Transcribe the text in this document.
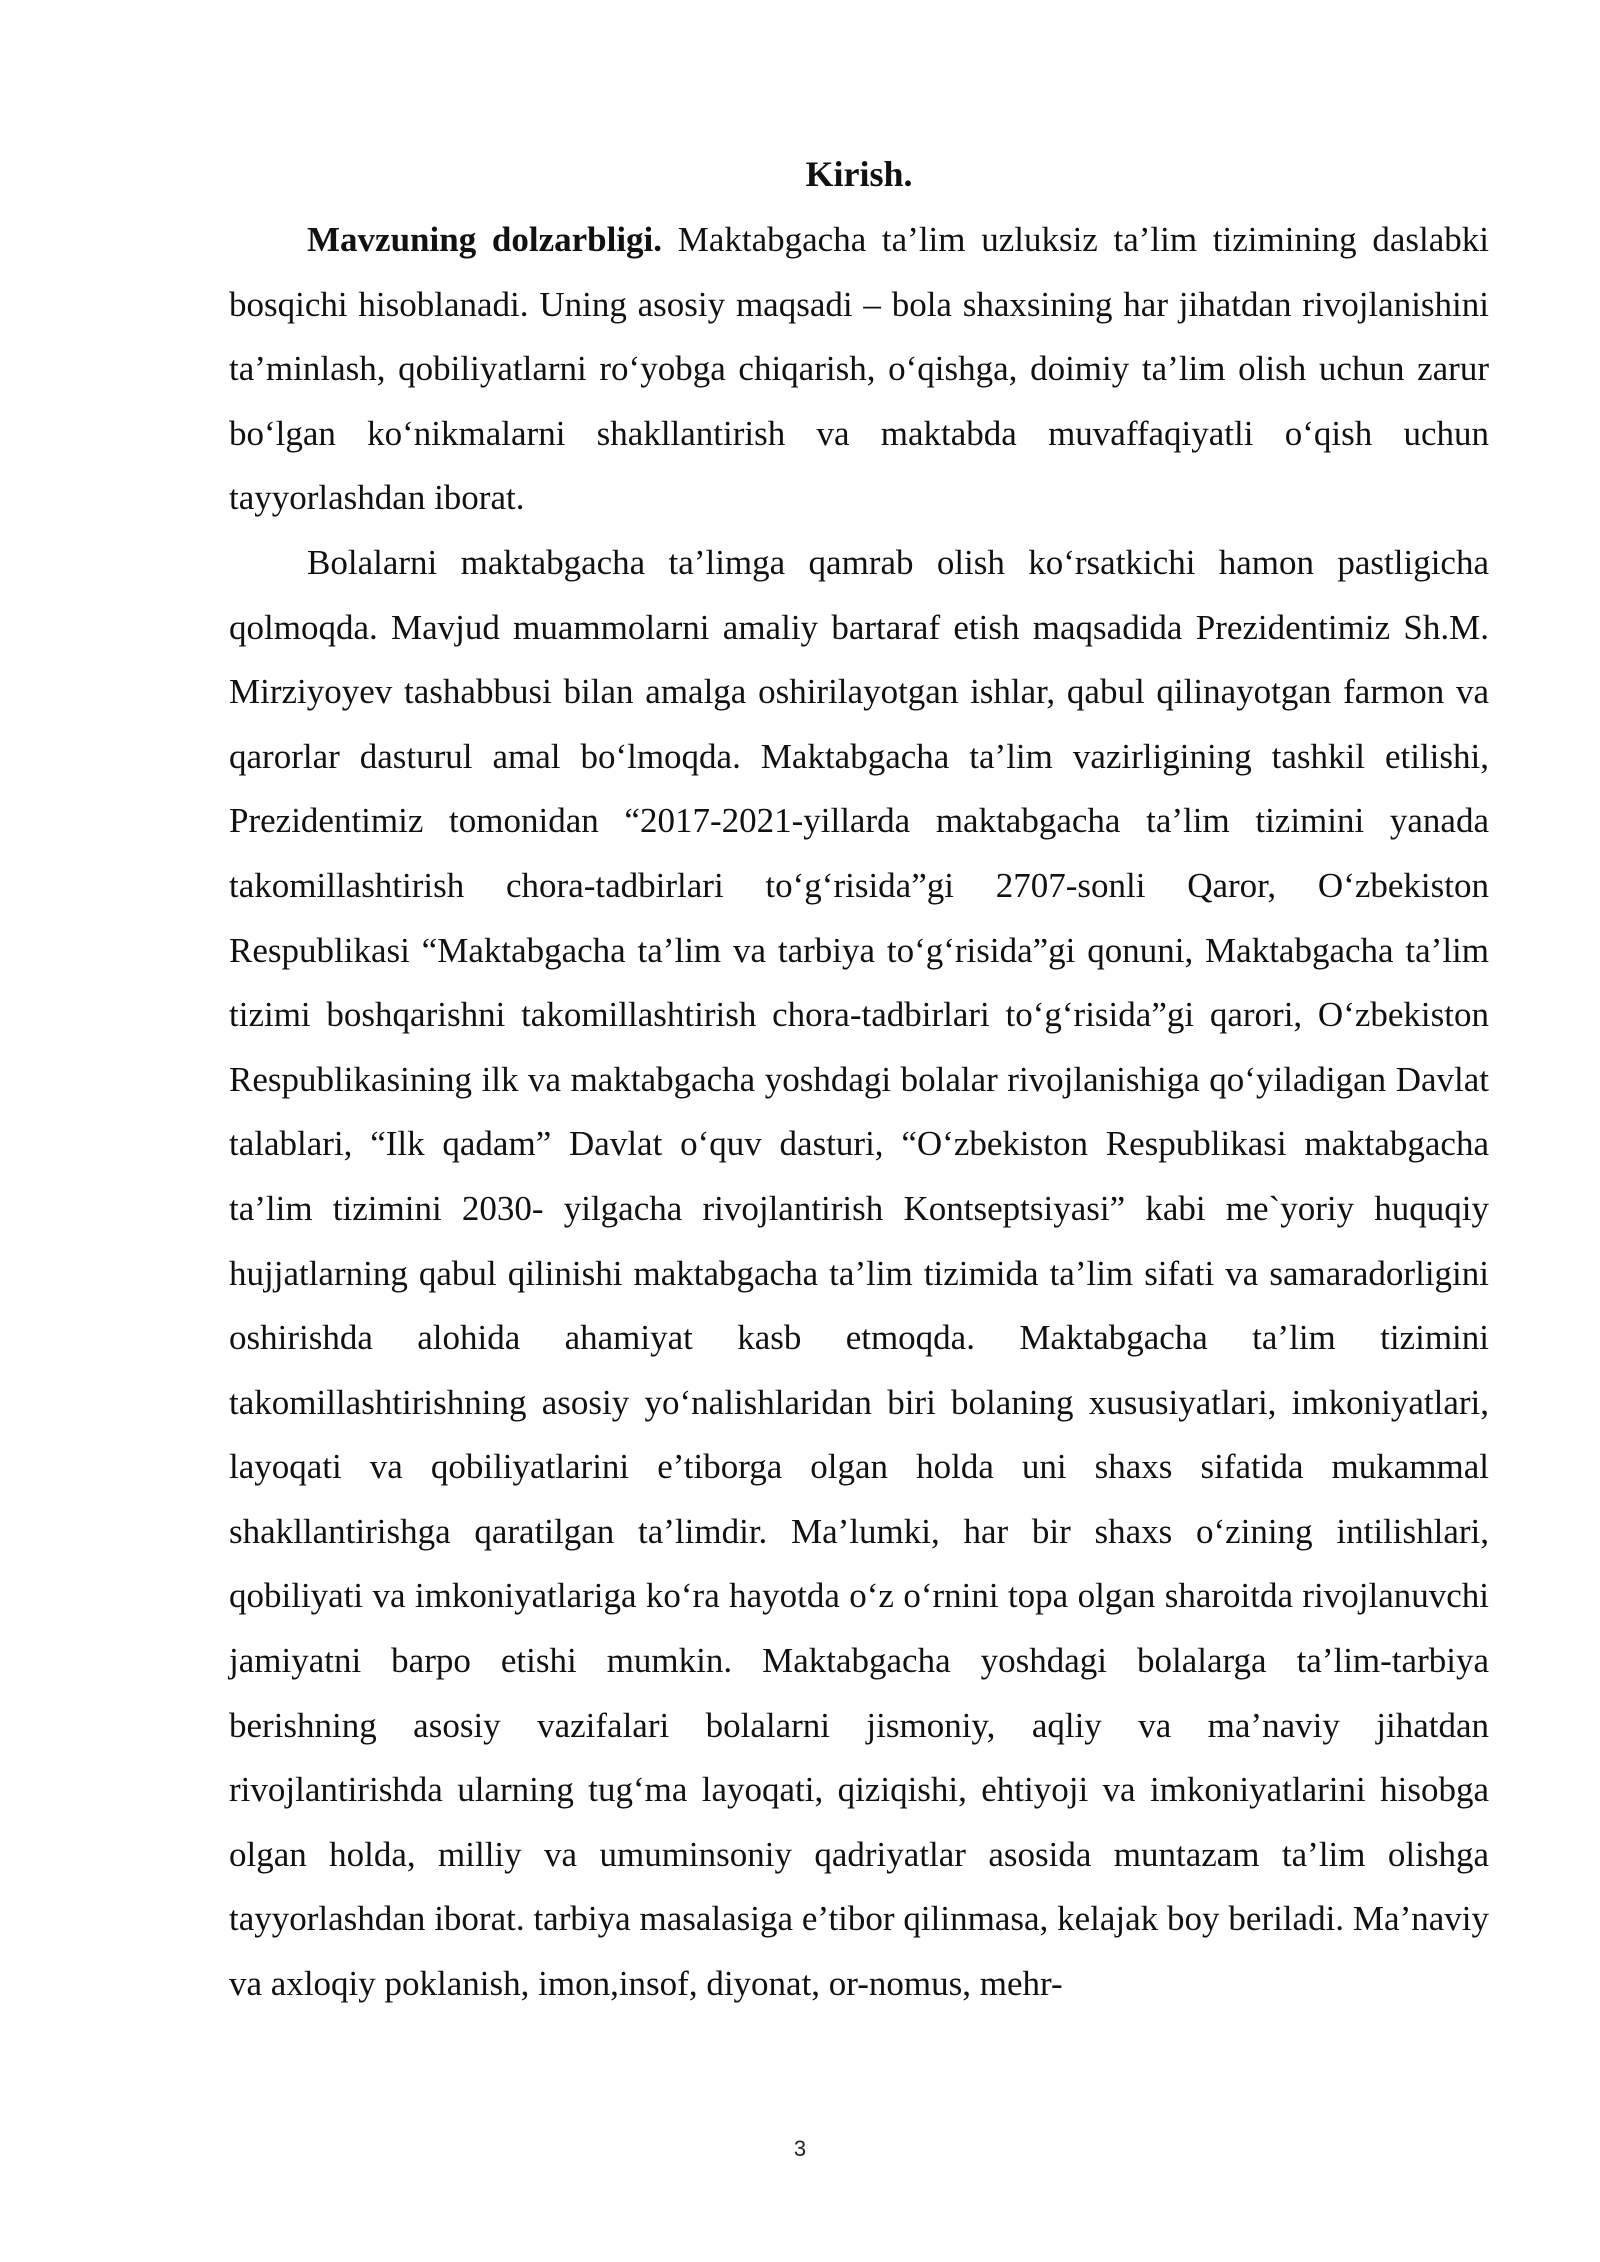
Kirish.

Mavzuning dolzarbligi. Maktabgacha ta’lim uzluksiz ta’lim tizimining daslabki bosqichi hisoblanadi. Uning asosiy maqsadi – bola shaxsining har jihatdan rivojlanishini ta’minlash, qobiliyatlarni ro‘yobga chiqarish, o‘qishga, doimiy ta’lim olish uchun zarur bo‘lgan ko‘nikmalarni shakllantirish va maktabda muvaffaqiyatli o‘qish uchun tayyorlashdan iborat.

Bolalarni maktabgacha ta’limga qamrab olish ko‘rsatkichi hamon pastligicha qolmoqda. Mavjud muammolarni amaliy bartaraf etish maqsadida Prezidentimiz Sh.M. Mirziyoyev tashabbusi bilan amalga oshirilayotgan ishlar, qabul qilinayotgan farmon va qarorlar dasturul amal bo‘lmoqda. Maktabgacha ta’lim vazirligining tashkil etilishi, Prezidentimiz tomonidan “2017-2021-yillarda maktabgacha ta’lim tizimini yanada takomillashtirish chora-tadbirlari to‘g‘risida”gi 2707-sonli Qaror, O‘zbekiston Respublikasi “Maktabgacha ta’lim va tarbiya to‘g‘risida”gi qonuni, Maktabgacha ta’lim tizimi boshqarishni takomillashtirish chora-tadbirlari to‘g‘risida”gi qarori, O‘zbekiston Respublikasining ilk va maktabgacha yoshdagi bolalar rivojlanishiga qo‘yiladigan Davlat talablari, “Ilk qadam” Davlat o‘quv dasturi, “O‘zbekiston Respublikasi maktabgacha ta’lim tizimini 2030- yilgacha rivojlantirish Kontseptsiyasi” kabi me`yoriy huquqiy hujjatlarning qabul qilinishi maktabgacha ta’lim tizimida ta’lim sifati va samaradorligini oshirishda alohida ahamiyat kasb etmoqda. Maktabgacha ta’lim tizimini takomillashtirishning asosiy yo‘nalishlaridan biri bolaning xususiyatlari, imkoniyatlari, layoqati va qobiliyatlarini e’tiborga olgan holda uni shaxs sifatida mukammal shakllantirishga qaratilgan ta’limdir. Ma’lumki, har bir shaxs o‘zining intilishlari, qobiliyati va imkoniyatlariga ko‘ra hayotda o‘z o‘rnini topa olgan sharoitda rivojlanuvchi jamiyatni barpo etishi mumkin. Maktabgacha yoshdagi bolalarga ta’lim-tarbiya berishning asosiy vazifalari bolalarni jismoniy, aqliy va ma’naviy jihatdan rivojlantirishda ularning tug‘ma layoqati, qiziqishi, ehtiyoji va imkoniyatlarini hisobga olgan holda, milliy va umuminsoniy qadriyatlar asosida muntazam ta’lim olishga tayyorlashdan iborat. tarbiya masalasiga e’tibor qilinmasa, kelajak boy beriladi. Ma’naviy va axloqiy poklanish, imon,insof, diyonat, or-nomus, mehr-

3
